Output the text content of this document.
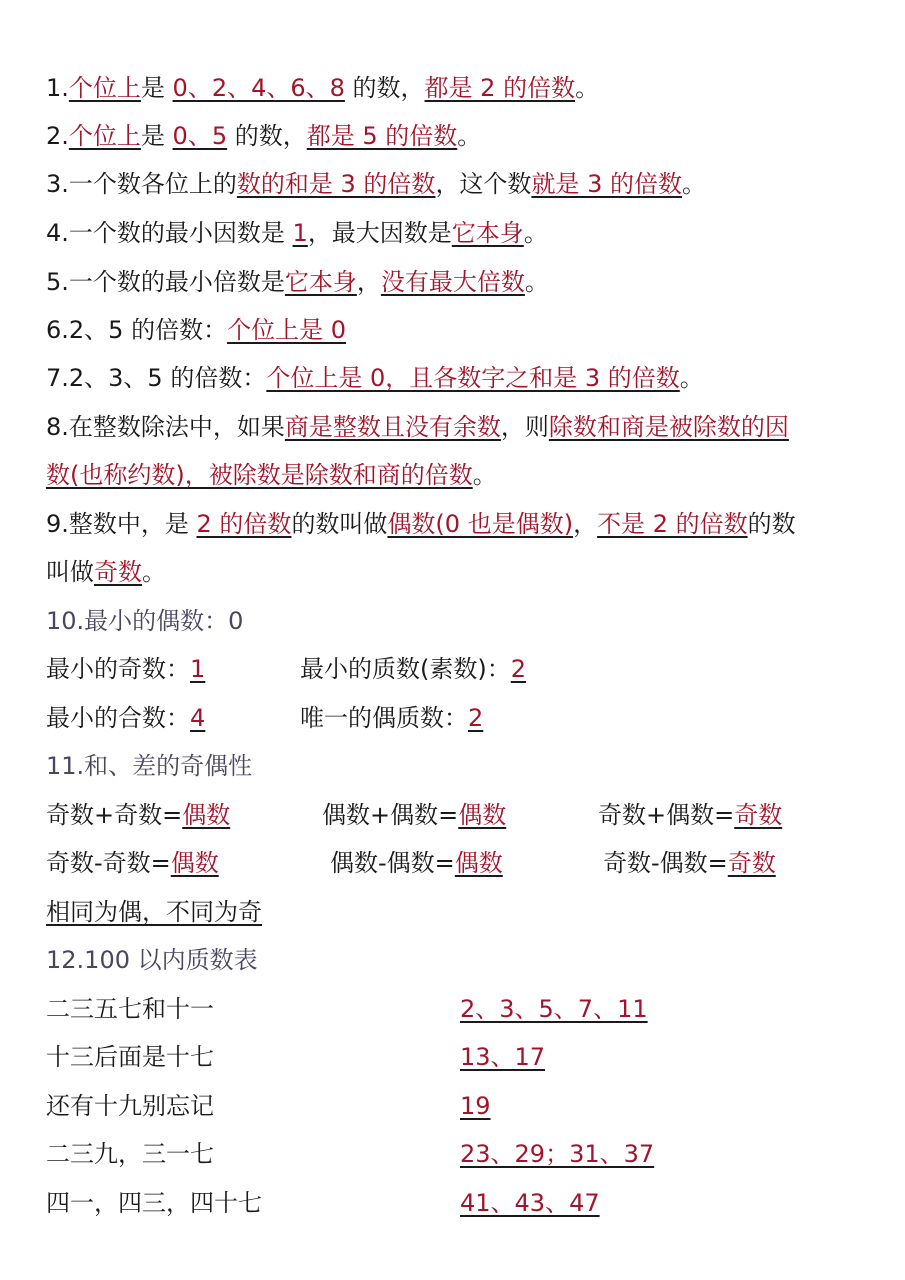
1.个位上是 0、2、4、6、8 的数，都是 2 的倍数。
2.个位上是 0、5 的数，都是 5 的倍数。
3.一个数各位上的数的和是 3 的倍数，这个数就是 3 的倍数。
4.一个数的最小因数是 1，最大因数是它本身。
5.一个数的最小倍数是它本身，没有最大倍数。
6.2、5 的倍数：个位上是 0
7.2、3、5 的倍数：个位上是 0，且各数字之和是 3 的倍数。
8.在整数除法中，如果商是整数且没有余数，则除数和商是被除数的因
数(也称约数)，被除数是除数和商的倍数。
9.整数中，是 2 的倍数的数叫做偶数(0 也是偶数)，不是 2 的倍数的数
叫做奇数。
10.最小的偶数：0
最小的奇数：1	最小的质数(素数)：2
最小的合数：4	唯一的偶质数：2
11.和、差的奇偶性
奇数+奇数=偶数	偶数+偶数=偶数	奇数+偶数=奇数
奇数-奇数=偶数	偶数-偶数=偶数	奇数-偶数=奇数
相同为偶，不同为奇
12.100 以内质数表
二三五七和十一	2、3、5、7、11
十三后面是十七	13、17
还有十九别忘记	19
二三九，三一七	23、29；31、37
四一，四三，四十七	41、43、47
